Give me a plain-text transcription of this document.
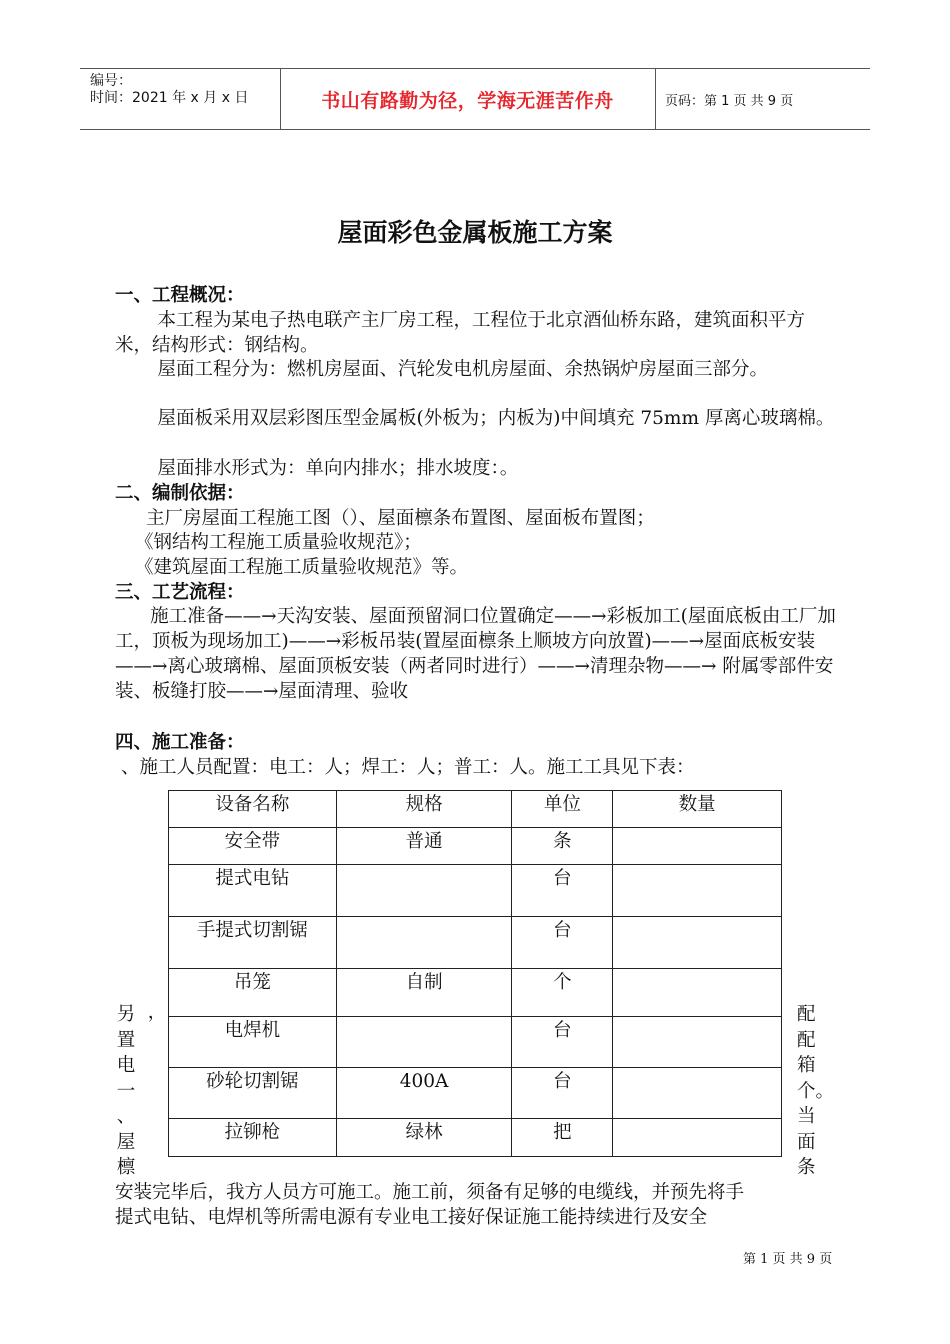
编号：
时间：2021 年 x 月 x 日	书山有路勤为径，学海无涯苦作舟	页码：第 1 页 共 9 页
屋面彩色金属板施工方案
一、工程概况：
本工程为某电子热电联产主厂房工程，工程位于北京酒仙桥东路，建筑面积平方米，结构形式：钢结构。
屋面工程分为：燃机房屋面、汽轮发电机房屋面、余热锅炉房屋面三部分。
屋面板采用双层彩图压型金属板(外板为；内板为)中间填充 75mm 厚离心玻璃棉。
屋面排水形式为：单向内排水；排水坡度：。
二、编制依据：
主厂房屋面工程施工图（）、屋面檩条布置图、屋面板布置图；
《钢结构工程施工质量验收规范》；
《建筑屋面工程施工质量验收规范》等。
三、工艺流程：
施工准备——→天沟安装、屋面预留洞口位置确定——→彩板加工(屋面底板由工厂加工，顶板为现场加工)——→彩板吊装(置屋面檩条上顺坡方向放置)——→屋面底板安装——→离心玻璃棉、屋面顶板安装（两者同时进行）——→清理杂物——→ 附属零部件安装、板缝打胶——→屋面清理、验收
四、施工准备：
、施工人员配置：电工：人；焊工：人；普工：人。施工工具见下表：
设备名称	规格	单位	数量
安全带	普通	条	
提式电钻		台	
手提式切割锯		台	
吊笼	自制	个	
电焊机		台	
砂轮切割锯	400A	台	
拉铆枪	绿林	把	
另
置
电
一
、
屋
檩
，	配
配
箱
个。
当
面
条
安装完毕后，我方人员方可施工。施工前，须备有足够的电缆线，并预先将手
提式电钻、电焊机等所需电源有专业电工接好保证施工能持续进行及安全
第 1 页 共 9 页
